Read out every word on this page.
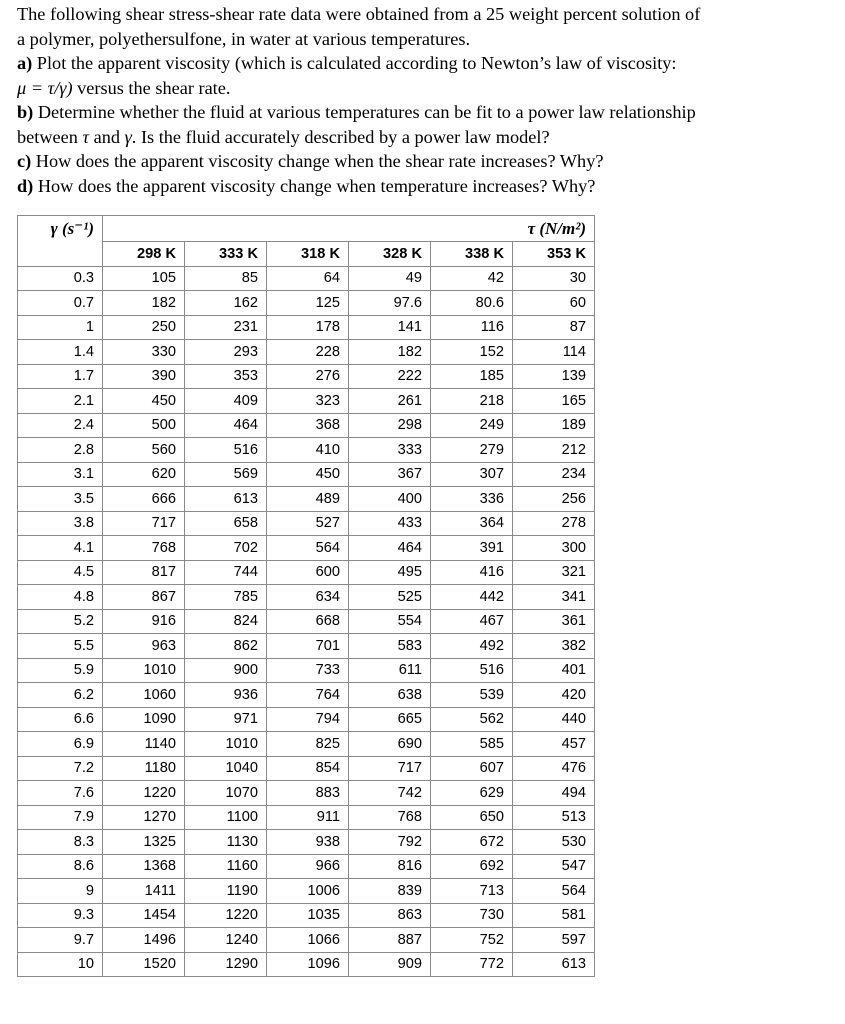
The following shear stress-shear rate data were obtained from a 25 weight percent solution of

a polymer, polyethersulfone, in water at various temperatures.

a) Plot the apparent viscosity (which is calculated according to Newton’s law of viscosity:

μ = τ/γ) versus the shear rate.

b) Determine whether the fluid at various temperatures can be fit to a power law relationship

between τ and γ. Is the fluid accurately described by a power law model?

c) How does the apparent viscosity change when the shear rate increases? Why?

d) How does the apparent viscosity change when temperature increases? Why?

γ (s⁻¹)	τ (N/m²)					
	298 K	333 K	318 K	328 K	338 K	353 K
0.3	105	85	64	49	42	30
0.7	182	162	125	97.6	80.6	60
1	250	231	178	141	116	87
1.4	330	293	228	182	152	114
1.7	390	353	276	222	185	139
2.1	450	409	323	261	218	165
2.4	500	464	368	298	249	189
2.8	560	516	410	333	279	212
3.1	620	569	450	367	307	234
3.5	666	613	489	400	336	256
3.8	717	658	527	433	364	278
4.1	768	702	564	464	391	300
4.5	817	744	600	495	416	321
4.8	867	785	634	525	442	341
5.2	916	824	668	554	467	361
5.5	963	862	701	583	492	382
5.9	1010	900	733	611	516	401
6.2	1060	936	764	638	539	420
6.6	1090	971	794	665	562	440
6.9	1140	1010	825	690	585	457
7.2	1180	1040	854	717	607	476
7.6	1220	1070	883	742	629	494
7.9	1270	1100	911	768	650	513
8.3	1325	1130	938	792	672	530
8.6	1368	1160	966	816	692	547
9	1411	1190	1006	839	713	564
9.3	1454	1220	1035	863	730	581
9.7	1496	1240	1066	887	752	597
10	1520	1290	1096	909	772	613
